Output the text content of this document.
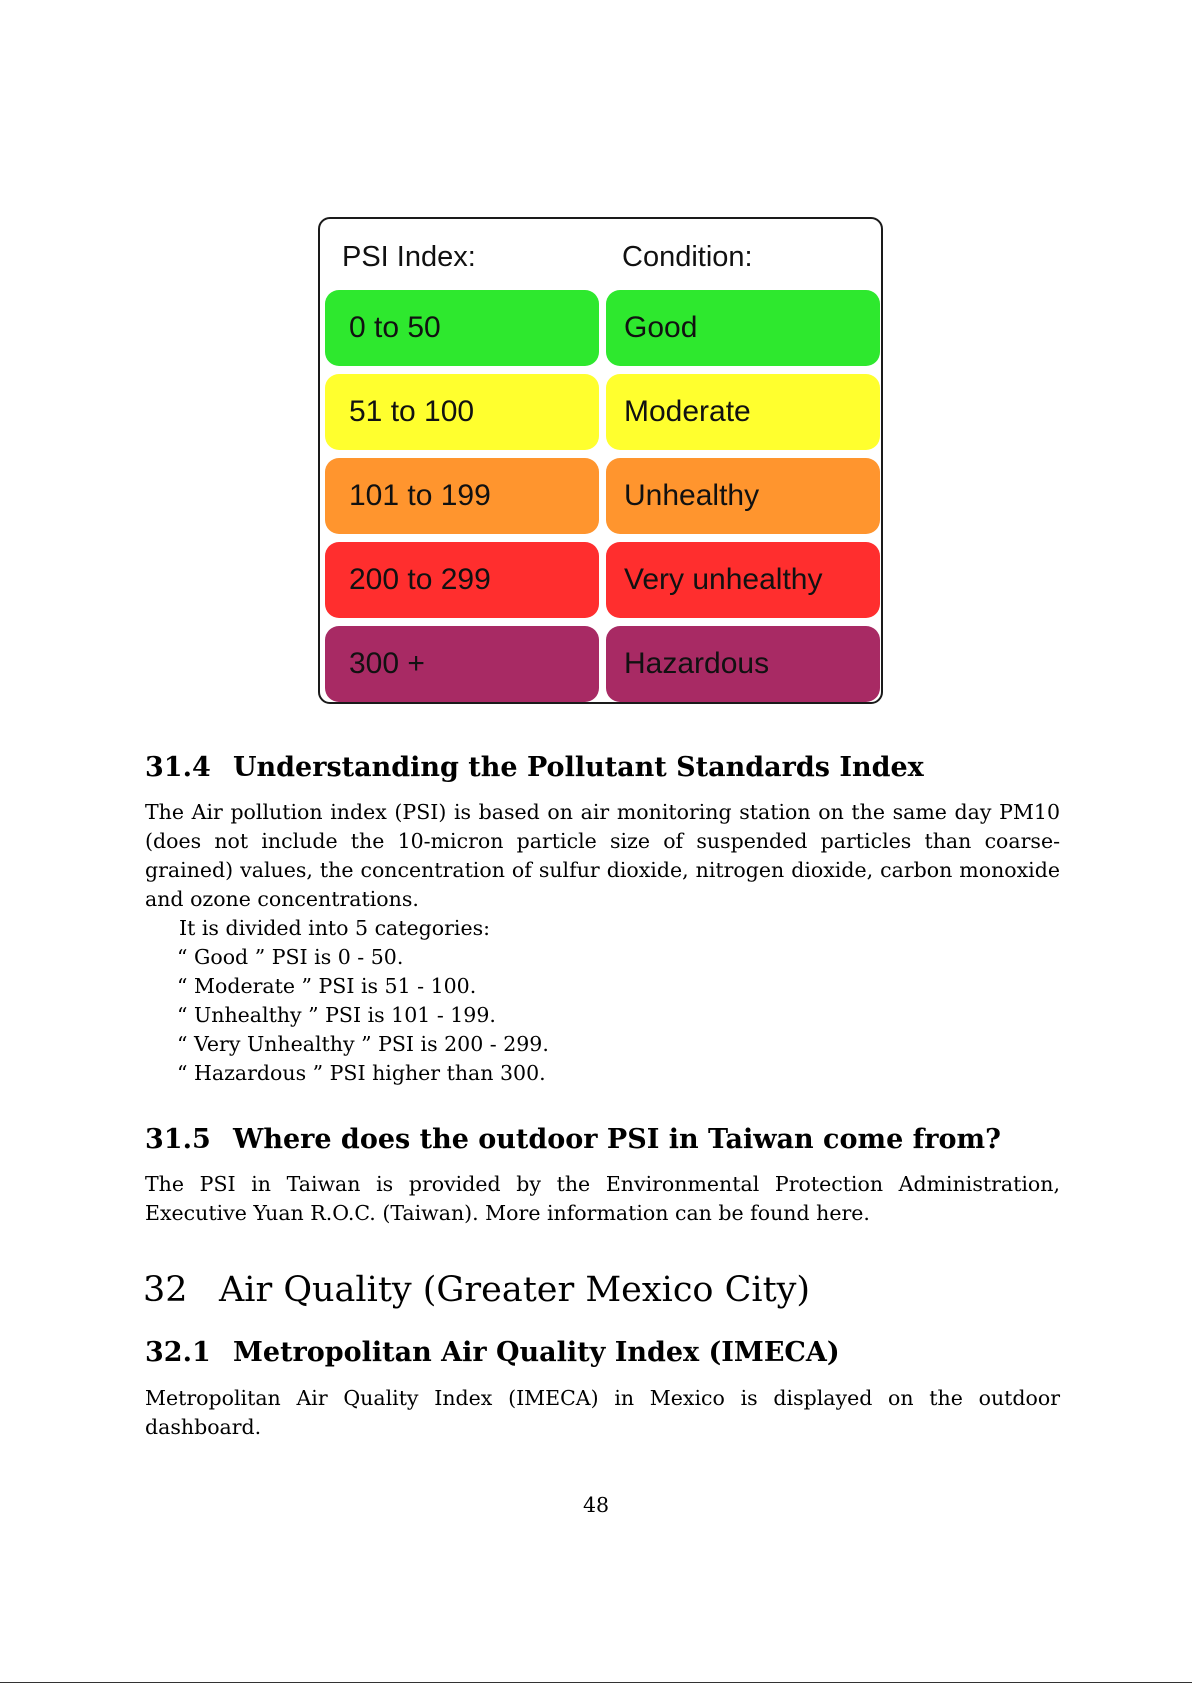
PSI Index:	Condition:
0 to 50	Good
51 to 100	Moderate
101 to 199	Unhealthy
200 to 299	Very unhealthy
300 +	Hazardous
31.4 Understanding the Pollutant Standards Index
The Air pollution index (PSI) is based on air monitoring station on the same day PM10 (does not include the 10-micron particle size of suspended particles than coarse-grained) values, the concentration of sulfur dioxide, nitrogen dioxide, carbon monoxide and ozone concentrations.
It is divided into 5 categories:
“ Good ” PSI is 0 - 50.
“ Moderate ” PSI is 51 - 100.
“ Unhealthy ” PSI is 101 - 199.
“ Very Unhealthy ” PSI is 200 - 299.
“ Hazardous ” PSI higher than 300.
31.5 Where does the outdoor PSI in Taiwan come from?
The PSI in Taiwan is provided by the Environmental Protection Administration, Executive Yuan R.O.C. (Taiwan). More information can be found here.
32 Air Quality (Greater Mexico City)
32.1 Metropolitan Air Quality Index (IMECA)
Metropolitan Air Quality Index (IMECA) in Mexico is displayed on the outdoor dashboard.
48
